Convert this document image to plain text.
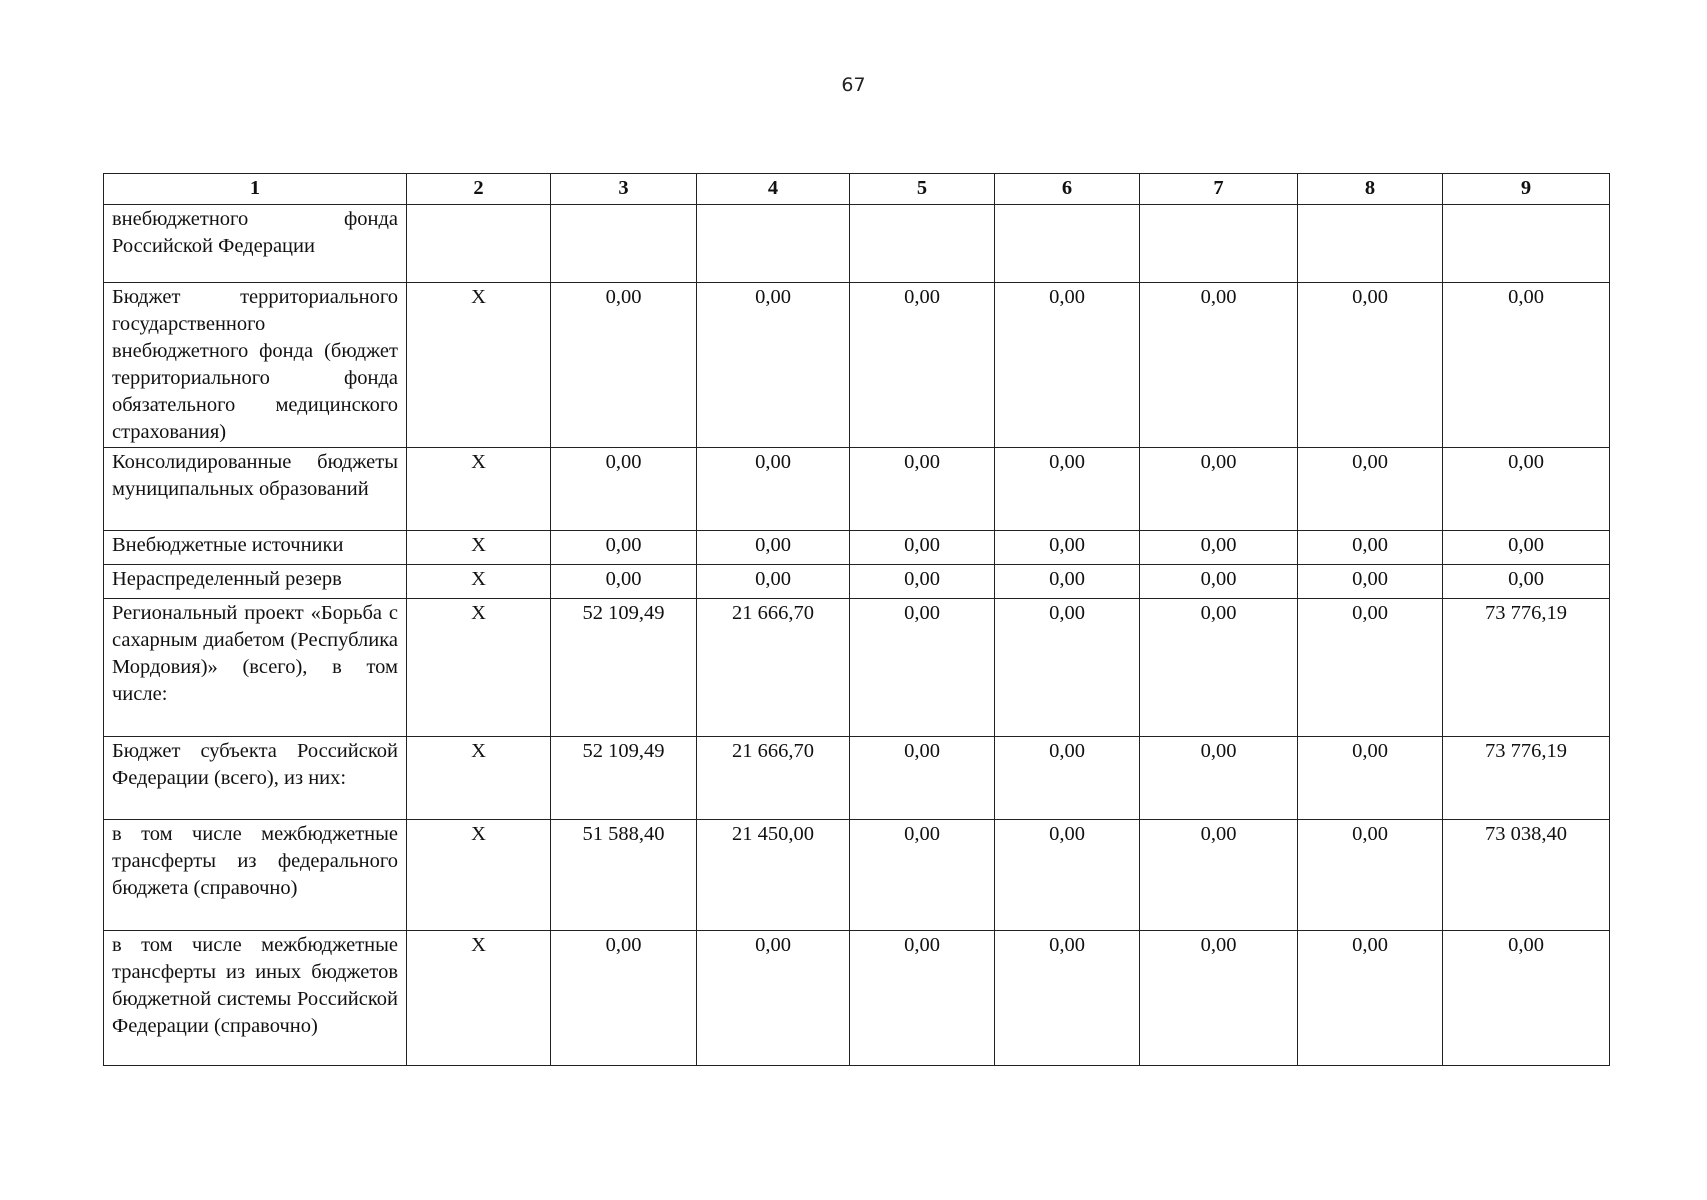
67
1	2	3	4	5	6	7	8	9
внебюджетного фонда Российской Федерации								
Бюджет территориального государственного внебюджетного фонда (бюджет территориального фонда обязательного медицинского страхования)	X	0,00	0,00	0,00	0,00	0,00	0,00	0,00
Консолидированные бюджеты муниципальных образований	X	0,00	0,00	0,00	0,00	0,00	0,00	0,00
Внебюджетные источники	X	0,00	0,00	0,00	0,00	0,00	0,00	0,00
Нераспределенный резерв	X	0,00	0,00	0,00	0,00	0,00	0,00	0,00
Региональный проект «Борьба с сахарным диабетом (Республика Мордовия)» (всего), в том числе:	X	52 109,49	21 666,70	0,00	0,00	0,00	0,00	73 776,19
Бюджет субъекта Российской Федерации (всего), из них:	X	52 109,49	21 666,70	0,00	0,00	0,00	0,00	73 776,19
в том числе межбюджетные трансферты из федерального бюджета (справочно)	X	51 588,40	21 450,00	0,00	0,00	0,00	0,00	73 038,40
в том числе межбюджетные трансферты из иных бюджетов бюджетной системы Российской Федерации (справочно)	X	0,00	0,00	0,00	0,00	0,00	0,00	0,00
